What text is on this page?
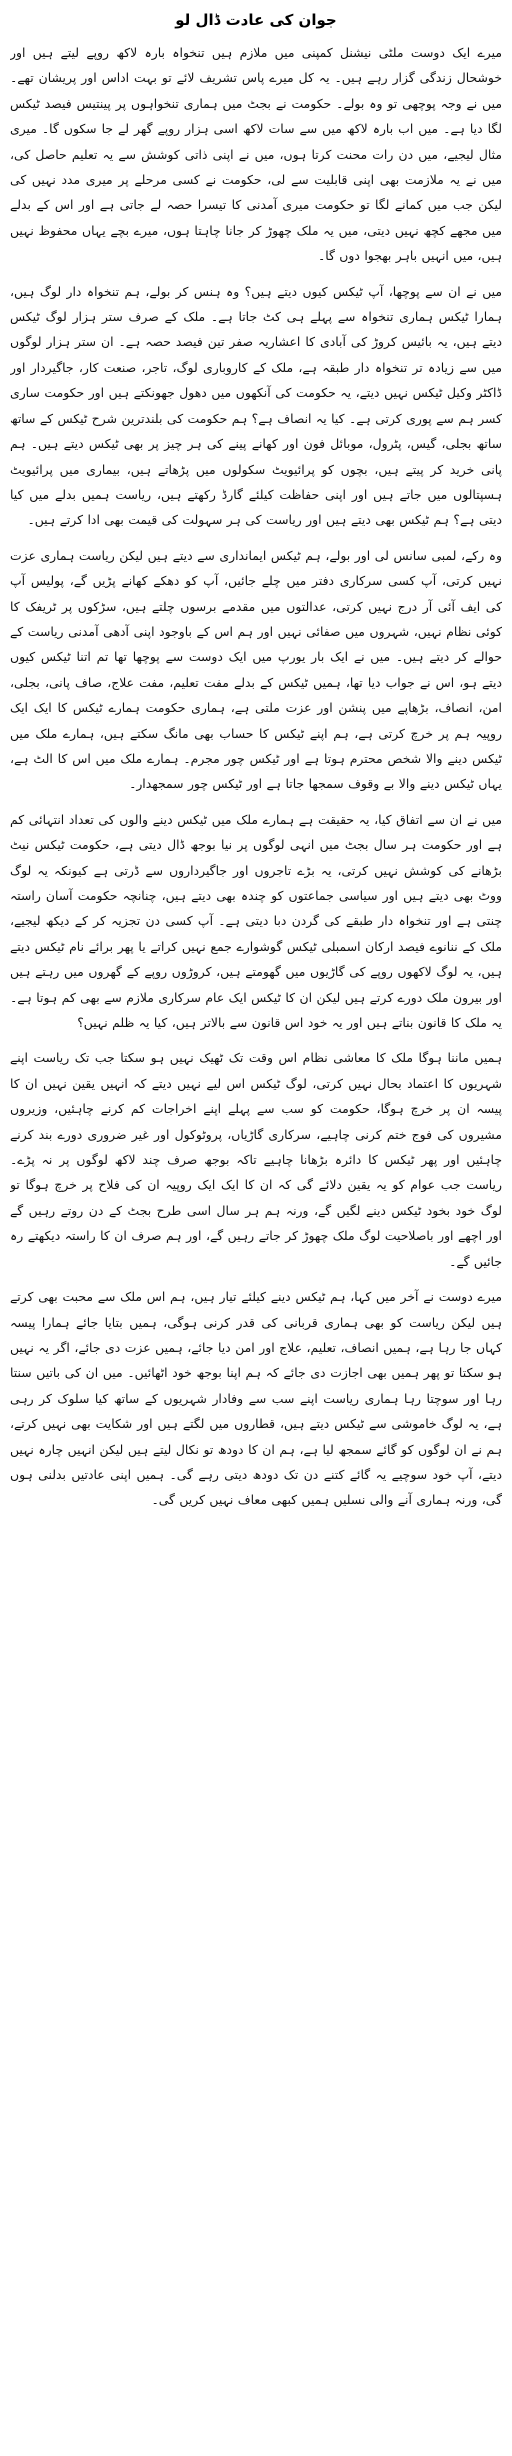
جوان کی عادت ڈال لو

میرے ایک دوست ملٹی نیشنل کمپنی میں ملازم ہیں تنخواہ بارہ لاکھ روپے لیتے ہیں اور خوشحال زندگی گزار رہے ہیں۔ یہ کل میرے پاس تشریف لائے تو بہت اداس اور پریشان تھے۔ میں نے وجہ پوچھی تو وہ بولے۔ حکومت نے بجٹ میں ہماری تنخواہوں پر پینتیس فیصد ٹیکس لگا دیا ہے۔ میں اب بارہ لاکھ میں سے سات لاکھ اسی ہزار روپے گھر لے جا سکوں گا۔ میری مثال لیجیے، میں دن رات محنت کرتا ہوں، میں نے اپنی ذاتی کوشش سے یہ تعلیم حاصل کی، میں نے یہ ملازمت بھی اپنی قابلیت سے لی، حکومت نے کسی مرحلے پر میری مدد نہیں کی لیکن جب میں کمانے لگا تو حکومت میری آمدنی کا تیسرا حصہ لے جاتی ہے اور اس کے بدلے میں مجھے کچھ نہیں دیتی، میں یہ ملک چھوڑ کر جانا چاہتا ہوں، میرے بچے یہاں محفوظ نہیں ہیں، میں انہیں باہر بھجوا دوں گا۔

میں نے ان سے پوچھا، آپ ٹیکس کیوں دیتے ہیں؟ وہ ہنس کر بولے، ہم تنخواہ دار لوگ ہیں، ہمارا ٹیکس ہماری تنخواہ سے پہلے ہی کٹ جاتا ہے۔ ملک کے صرف ستر ہزار لوگ ٹیکس دیتے ہیں، یہ بائیس کروڑ کی آبادی کا اعشاریہ صفر تین فیصد حصہ ہے۔ ان ستر ہزار لوگوں میں سے زیادہ تر تنخواہ دار طبقہ ہے، ملک کے کاروباری لوگ، تاجر، صنعت کار، جاگیردار اور ڈاکٹر وکیل ٹیکس نہیں دیتے، یہ حکومت کی آنکھوں میں دھول جھونکتے ہیں اور حکومت ساری کسر ہم سے پوری کرتی ہے۔ کیا یہ انصاف ہے؟ ہم حکومت کی بلندترین شرح ٹیکس کے ساتھ ساتھ بجلی، گیس، پٹرول، موبائل فون اور کھانے پینے کی ہر چیز پر بھی ٹیکس دیتے ہیں۔ ہم پانی خرید کر پیتے ہیں، بچوں کو پرائیویٹ سکولوں میں پڑھاتے ہیں، بیماری میں پرائیویٹ ہسپتالوں میں جاتے ہیں اور اپنی حفاظت کیلئے گارڈ رکھتے ہیں، ریاست ہمیں بدلے میں کیا دیتی ہے؟ ہم ٹیکس بھی دیتے ہیں اور ریاست کی ہر سہولت کی قیمت بھی ادا کرتے ہیں۔

وہ رکے، لمبی سانس لی اور بولے، ہم ٹیکس ایمانداری سے دیتے ہیں لیکن ریاست ہماری عزت نہیں کرتی، آپ کسی سرکاری دفتر میں چلے جائیں، آپ کو دھکے کھانے پڑیں گے، پولیس آپ کی ایف آئی آر درج نہیں کرتی، عدالتوں میں مقدمے برسوں چلتے ہیں، سڑکوں پر ٹریفک کا کوئی نظام نہیں، شہروں میں صفائی نہیں اور ہم اس کے باوجود اپنی آدھی آمدنی ریاست کے حوالے کر دیتے ہیں۔ میں نے ایک بار یورپ میں ایک دوست سے پوچھا تھا تم اتنا ٹیکس کیوں دیتے ہو، اس نے جواب دیا تھا، ہمیں ٹیکس کے بدلے مفت تعلیم، مفت علاج، صاف پانی، بجلی، امن، انصاف، بڑھاپے میں پنشن اور عزت ملتی ہے، ہماری حکومت ہمارے ٹیکس کا ایک ایک روپیہ ہم پر خرچ کرتی ہے، ہم اپنے ٹیکس کا حساب بھی مانگ سکتے ہیں، ہمارے ملک میں ٹیکس دینے والا شخص محترم ہوتا ہے اور ٹیکس چور مجرم۔ ہمارے ملک میں اس کا الٹ ہے، یہاں ٹیکس دینے والا بے وقوف سمجھا جاتا ہے اور ٹیکس چور سمجھدار۔

میں نے ان سے اتفاق کیا، یہ حقیقت ہے ہمارے ملک میں ٹیکس دینے والوں کی تعداد انتہائی کم ہے اور حکومت ہر سال بجٹ میں انہی لوگوں پر نیا بوجھ ڈال دیتی ہے، حکومت ٹیکس نیٹ بڑھانے کی کوشش نہیں کرتی، یہ بڑے تاجروں اور جاگیرداروں سے ڈرتی ہے کیونکہ یہ لوگ ووٹ بھی دیتے ہیں اور سیاسی جماعتوں کو چندہ بھی دیتے ہیں، چنانچہ حکومت آسان راستہ چنتی ہے اور تنخواہ دار طبقے کی گردن دبا دیتی ہے۔ آپ کسی دن تجزیہ کر کے دیکھ لیجیے، ملک کے ننانوے فیصد ارکان اسمبلی ٹیکس گوشوارے جمع نہیں کراتے یا پھر برائے نام ٹیکس دیتے ہیں، یہ لوگ لاکھوں روپے کی گاڑیوں میں گھومتے ہیں، کروڑوں روپے کے گھروں میں رہتے ہیں اور بیرون ملک دورے کرتے ہیں لیکن ان کا ٹیکس ایک عام سرکاری ملازم سے بھی کم ہوتا ہے۔ یہ ملک کا قانون بناتے ہیں اور یہ خود اس قانون سے بالاتر ہیں، کیا یہ ظلم نہیں؟

ہمیں ماننا ہوگا ملک کا معاشی نظام اس وقت تک ٹھیک نہیں ہو سکتا جب تک ریاست اپنے شہریوں کا اعتماد بحال نہیں کرتی، لوگ ٹیکس اس لیے نہیں دیتے کہ انہیں یقین نہیں ان کا پیسہ ان پر خرچ ہوگا، حکومت کو سب سے پہلے اپنے اخراجات کم کرنے چاہئیں، وزیروں مشیروں کی فوج ختم کرنی چاہیے، سرکاری گاڑیاں، پروٹوکول اور غیر ضروری دورے بند کرنے چاہئیں اور پھر ٹیکس کا دائرہ بڑھانا چاہیے تاکہ بوجھ صرف چند لاکھ لوگوں پر نہ پڑے۔ ریاست جب عوام کو یہ یقین دلائے گی کہ ان کا ایک ایک روپیہ ان کی فلاح پر خرچ ہوگا تو لوگ خود بخود ٹیکس دینے لگیں گے، ورنہ ہم ہر سال اسی طرح بجٹ کے دن روتے رہیں گے اور اچھے اور باصلاحیت لوگ ملک چھوڑ کر جاتے رہیں گے، اور ہم صرف ان کا راستہ دیکھتے رہ جائیں گے۔

میرے دوست نے آخر میں کہا، ہم ٹیکس دینے کیلئے تیار ہیں، ہم اس ملک سے محبت بھی کرتے ہیں لیکن ریاست کو بھی ہماری قربانی کی قدر کرنی ہوگی، ہمیں بتایا جائے ہمارا پیسہ کہاں جا رہا ہے، ہمیں انصاف، تعلیم، علاج اور امن دیا جائے، ہمیں عزت دی جائے، اگر یہ نہیں ہو سکتا تو پھر ہمیں بھی اجازت دی جائے کہ ہم اپنا بوجھ خود اٹھائیں۔ میں ان کی باتیں سنتا رہا اور سوچتا رہا ہماری ریاست اپنے سب سے وفادار شہریوں کے ساتھ کیا سلوک کر رہی ہے، یہ لوگ خاموشی سے ٹیکس دیتے ہیں، قطاروں میں لگتے ہیں اور شکایت بھی نہیں کرتے، ہم نے ان لوگوں کو گائے سمجھ لیا ہے، ہم ان کا دودھ تو نکال لیتے ہیں لیکن انہیں چارہ نہیں دیتے، آپ خود سوچیے یہ گائے کتنے دن تک دودھ دیتی رہے گی۔ ہمیں اپنی عادتیں بدلنی ہوں گی، ورنہ ہماری آنے والی نسلیں ہمیں کبھی معاف نہیں کریں گی۔
